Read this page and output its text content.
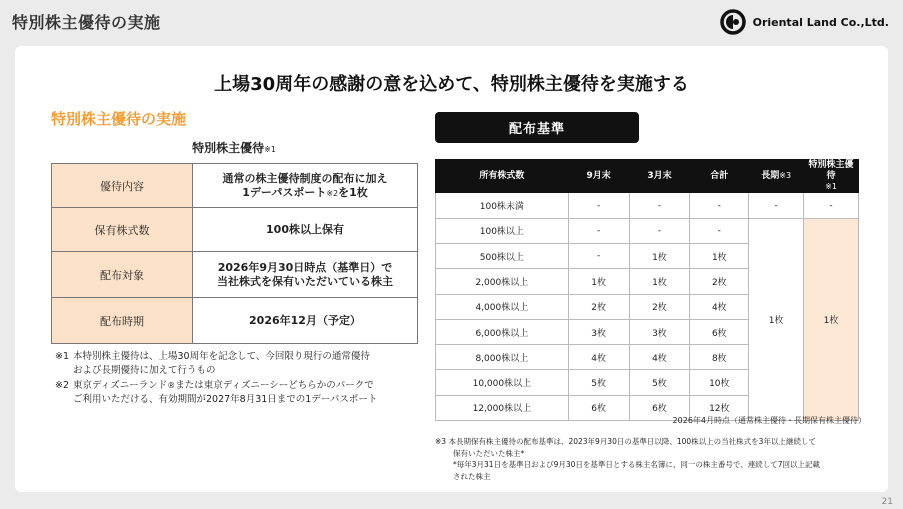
特別株主優待の実施	Oriental Land Co.,Ltd.
上場30周年の感謝の意を込めて、特別株主優待を実施する
特別株主優待の実施
特別株主優待※1
優待内容	通常の株主優待制度の配布に加え
1デーパスポート※2を1枚

保有株式数	100株以上保有
配布対象	2026年9月30日時点（基準日）で
当社株式を保有いただいている株主

配布時期	2026年12月（予定）
※1 本特別株主優待は、上場30周年を記念して、今回限り現行の通常優待
および長期優待に加えて行うもの
※2 東京ディズニーランド®または東京ディズニーシーどちらかのパークで
ご利用いただける、有効期間が2027年8月31日までの1デーパスポート
配布基準
所有株式数	9月末	3月末	合計	長期※3	特別株主優待
※1
100株未満	-	-	-	-	-
100株以上	-	-	-	1枚	1枚
500株以上	-	1枚	1枚		
2,000株以上	1枚	1枚	2枚		
4,000株以上	2枚	2枚	4枚		
6,000株以上	3枚	3枚	6枚		
8,000株以上	4枚	4枚	8枚		
10,000株以上	5枚	5枚	10枚		
12,000株以上	6枚	6枚	12枚		
2026年4月時点（通常株主優待・長期保有株主優待）
※3 本長期保有株主優待の配布基準は、2023年9月30日の基準日以降、100株以上の当社株式を3年以上継続して
保有いただいた株主*
*毎年3月31日を基準日および9月30日を基準日とする株主名簿に、同一の株主番号で、連続して7回以上記載
された株主
21
